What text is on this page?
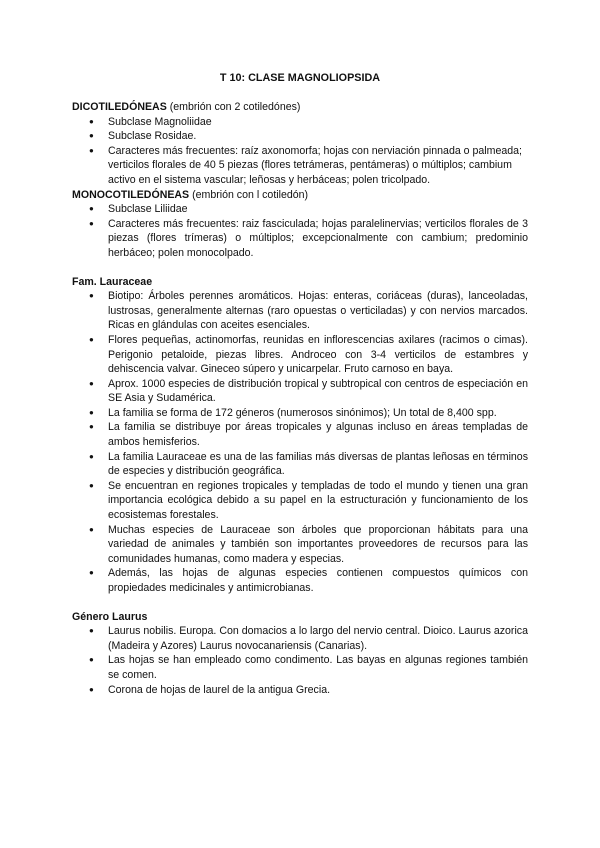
T 10: CLASE MAGNOLIOPSIDA

DICOTILEDÓNEAS (embrión con 2 cotiledónes)

● Subclase Magnoliidae
● Subclase Rosidae.
● Caracteres más frecuentes: raíz axonomorfa; hojas con nerviación pinnada o palmeada; verticilos florales de 40 5 piezas (flores tetrámeras, pentámeras) o múltiplos; cambium activo en el sistema vascular; leñosas y herbáceas; polen tricolpado.

MONOCOTILEDÓNEAS (embrión con l cotiledón)

● Subclase Liliidae
● Caracteres más frecuentes: raiz fasciculada; hojas paralelinervias; verticilos florales de 3 piezas (flores trímeras) o múltiplos; excepcionalmente con cambium; predominio herbáceo; polen monocolpado.

Fam. Lauraceae

● Biotipo: Árboles perennes aromáticos. Hojas: enteras, coriáceas (duras), lanceoladas, lustrosas, generalmente alternas (raro opuestas o verticiladas) y con nervios marcados. Ricas en glándulas con aceites esenciales.
● Flores pequeñas, actinomorfas, reunidas en inflorescencias axilares (racimos o cimas). Perigonio petaloide, piezas libres. Androceo con 3-4 verticilos de estambres y dehiscencia valvar. Gineceo súpero y unicarpelar. Fruto carnoso en baya.
● Aprox. 1000 especies de distribución tropical y subtropical con centros de especiación en SE Asia y Sudamérica.
● La familia se forma de 172 géneros (numerosos sinónimos); Un total de 8,400 spp.
● La familia se distribuye por áreas tropicales y algunas incluso en áreas templadas de ambos hemisferios.
● La familia Lauraceae es una de las familias más diversas de plantas leñosas en términos de especies y distribución geográfica.
● Se encuentran en regiones tropicales y templadas de todo el mundo y tienen una gran importancia ecológica debido a su papel en la estructuración y funcionamiento de los ecosistemas forestales.
● Muchas especies de Lauraceae son árboles que proporcionan hábitats para una variedad de animales y también son importantes proveedores de recursos para las comunidades humanas, como madera y especias.
● Además, las hojas de algunas especies contienen compuestos químicos con propiedades medicinales y antimicrobianas.

Género Laurus

● Laurus nobilis. Europa. Con domacios a lo largo del nervio central. Dioico. Laurus azorica (Madeira y Azores) Laurus novocanariensis (Canarias).
● Las hojas se han empleado como condimento. Las bayas en algunas regiones también se comen.
● Corona de hojas de laurel de la antigua Grecia.
